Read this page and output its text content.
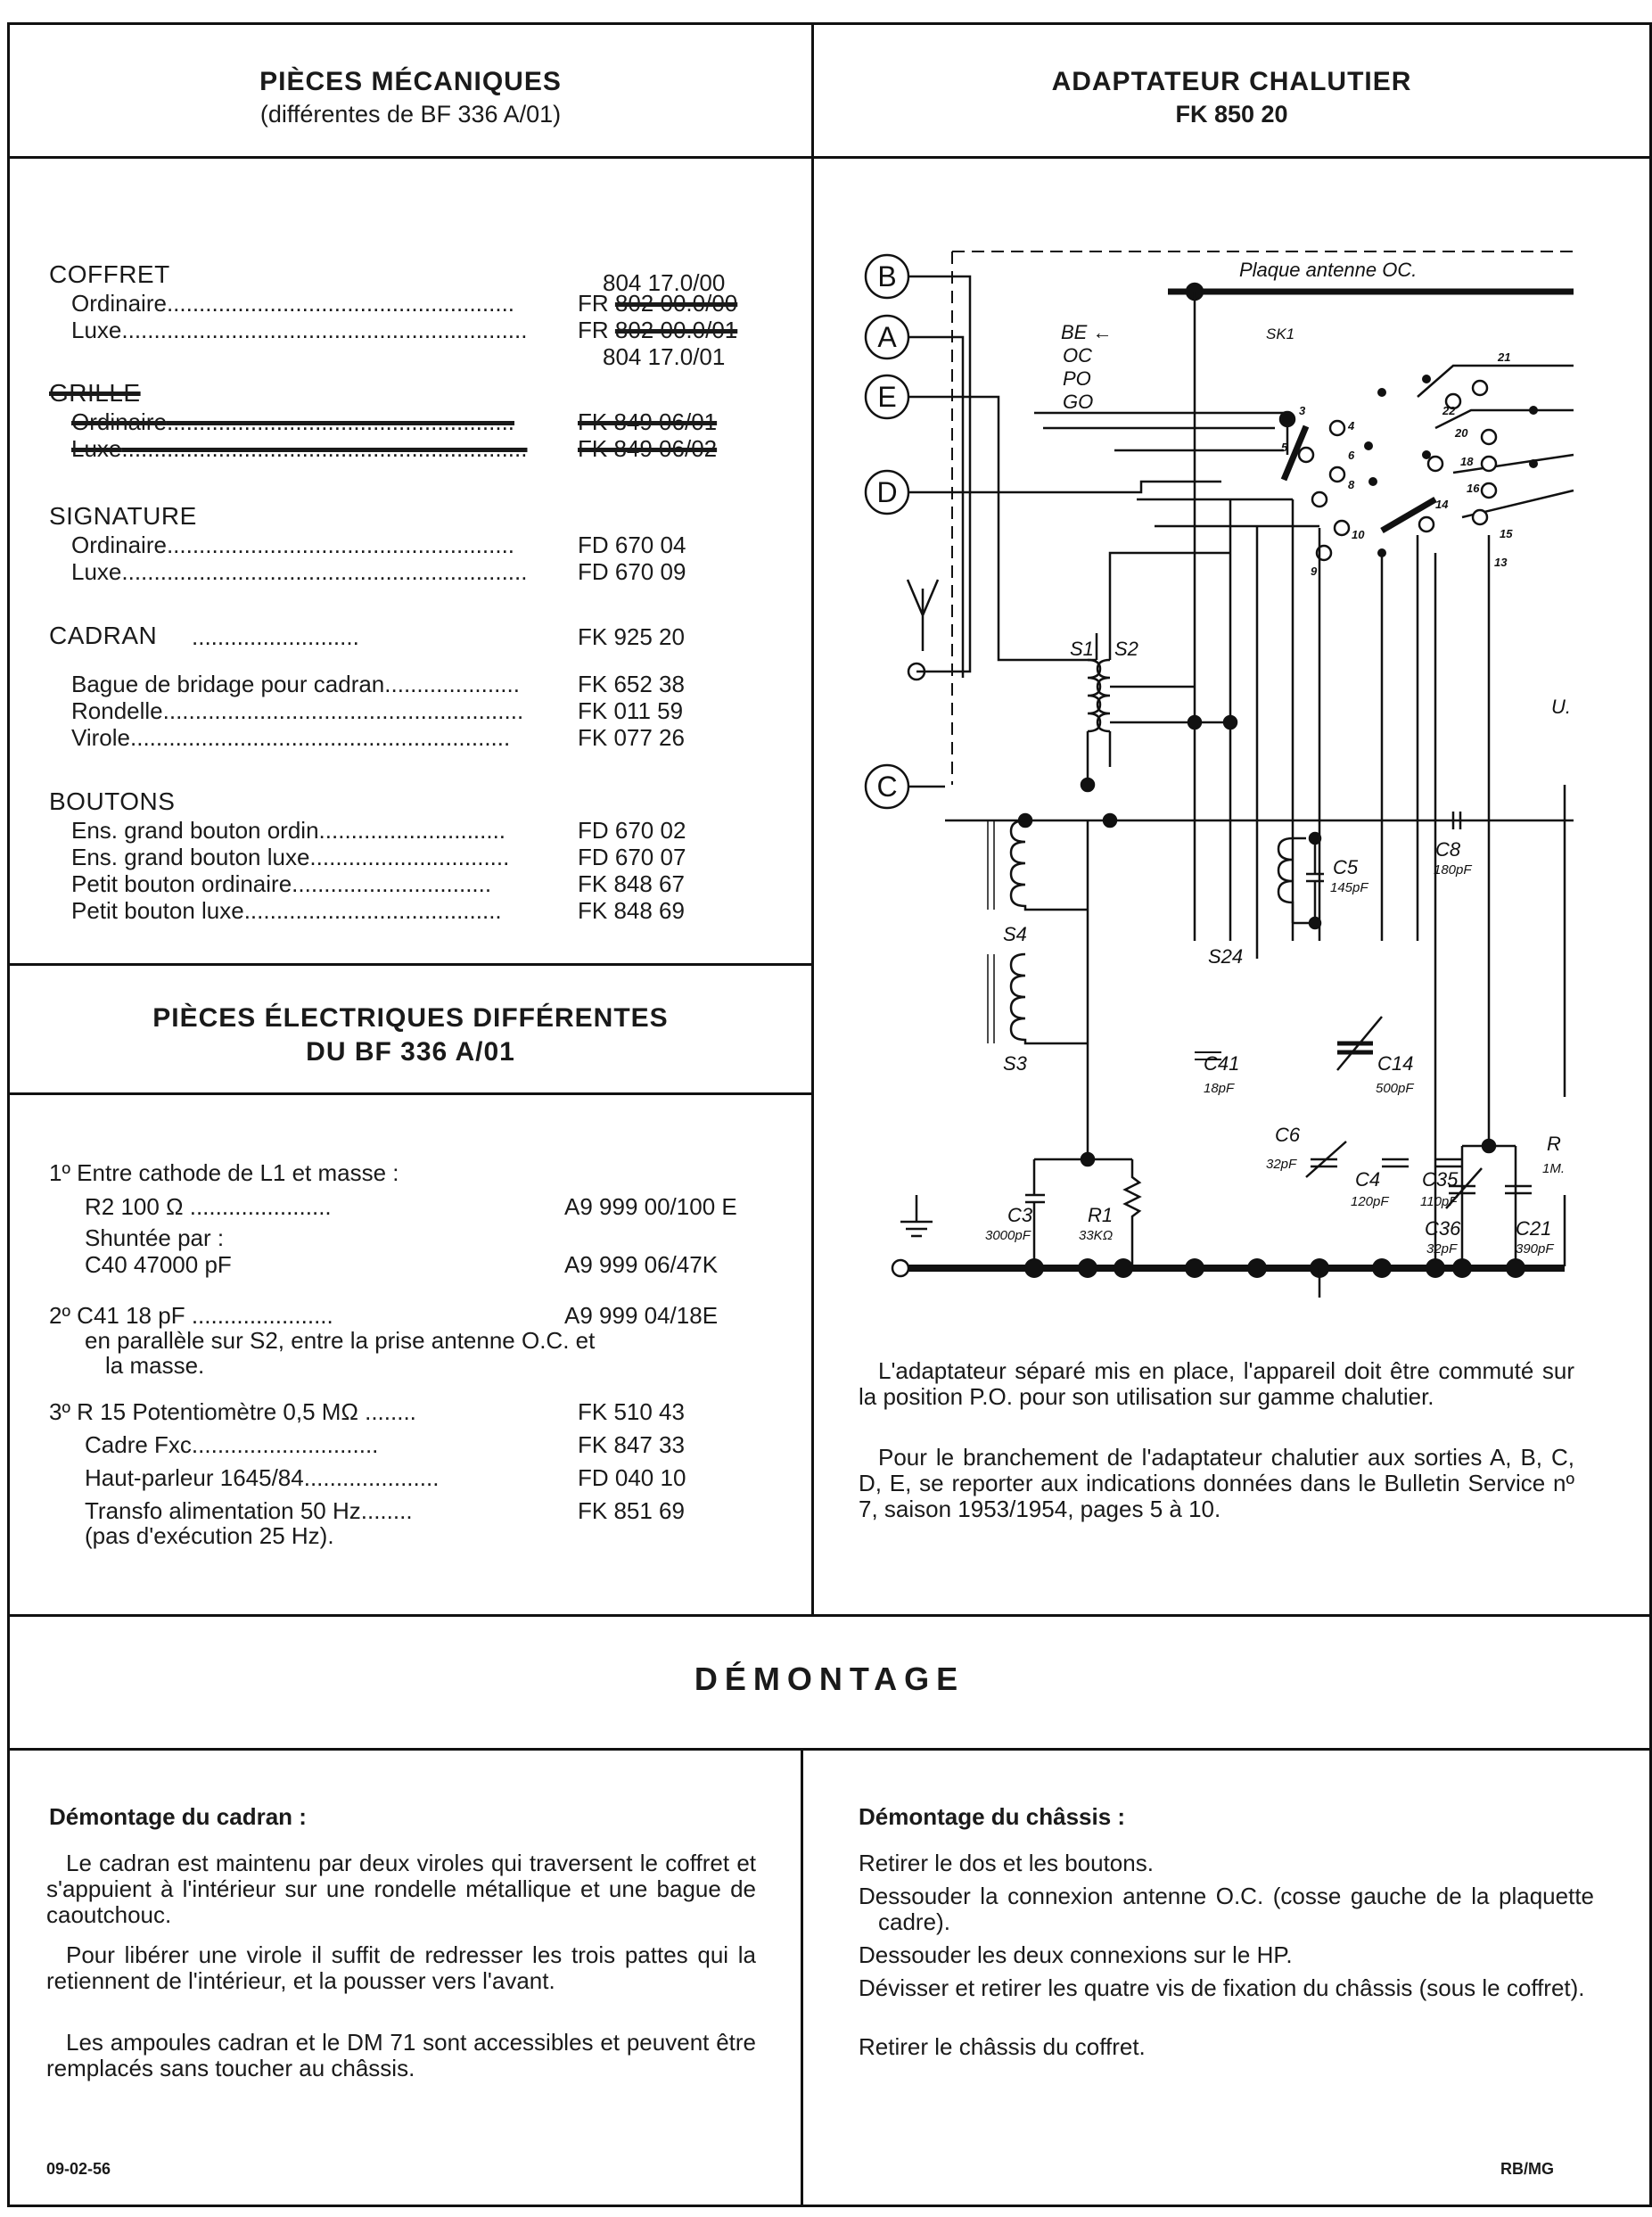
PIÈCES MÉCANIQUES
(différentes de BF 336 A/01)
COFFRET	804 17.0/00
Ordinaire......................................................	FR 802 00.0/00
Luxe............................................................... FR 802 00.0/01
804 17.0/01
GRILLE
Ordinaire......................................................	FK 849 06/01
Luxe............................................................... FK 849 06/02
SIGNATURE
Ordinaire......................................................	FD 670 04
Luxe............................................................... FD 670 09
CADRAN ..........................	FK 925 20
Bague de bridage pour cadran.....................	FK 652 38
Rondelle........................................................ FK 011 59
Virole...........................................................	FK 077 26
BOUTONS
Ens. grand bouton ordin.............................	FD 670 02
Ens. grand bouton luxe...............................	FD 670 07
Petit bouton ordinaire...............................	FK 848 67
Petit bouton luxe........................................	FK 848 69
PIÈCES ÉLECTRIQUES DIFFÉRENTES
DU BF 336 A/01
1º Entre cathode de L1 et masse :
R2 100 Ω ......................	A9 999 00/100 E
Shuntée par :
C40 47000 pF	A9 999 06/47K
2º C41 18 pF ......................	A9 999 04/18E
en parallèle sur S2, entre la prise antenne O.C. et
la masse.
3º R 15 Potentiomètre 0,5 MΩ ........	FK 510 43
Cadre Fxc.............................	FK 847 33
Haut-parleur 1645/84.....................	FD 040 10
Transfo alimentation 50 Hz........	FK 851 69
(pas d'exécution 25 Hz).
ADAPTATEUR CHALUTIER
FK 850 20
B
A
E
D
C
Plaque antenne OC.
SK1
BE ←
OC
PO
GO	3
4
5
6
8
9
10
13
14
15
16
18
20
21
22
S1 S2
C8
180pF
S4
S3
S24
C5
145pF
C41
18pF
C14
500pF
C6
32pF
C3
3000pF
R1
33KΩ
C4
120pF
C35
110pF
C36
32pF
C21
390pF
U.
R
1M.
L'adaptateur séparé mis en place, l'appareil doit être commuté sur la position P.O. pour son utilisation sur gamme chalutier.
Pour le branchement de l'adaptateur chalutier aux sorties A, B, C, D, E, se reporter aux indications données dans le Bulletin Service nº 7, saison 1953/1954, pages 5 à 10.
DÉMONTAGE
Démontage du cadran :
Le cadran est maintenu par deux viroles qui traversent le coffret et s'appuient à l'intérieur sur une rondelle métallique et une bague de caoutchouc.
Pour libérer une virole il suffit de redresser les trois pattes qui la retiennent de l'intérieur, et la pousser vers l'avant.
Les ampoules cadran et le DM 71 sont accessibles et peuvent être remplacés sans toucher au châssis.
Démontage du châssis :
Retirer le dos et les boutons.
Dessouder la connexion antenne O.C. (cosse gauche de la plaquette cadre).
Dessouder les deux connexions sur le HP.
Dévisser et retirer les quatre vis de fixation du châssis (sous le coffret).
Retirer le châssis du coffret.
09-02-56	RB/MG
